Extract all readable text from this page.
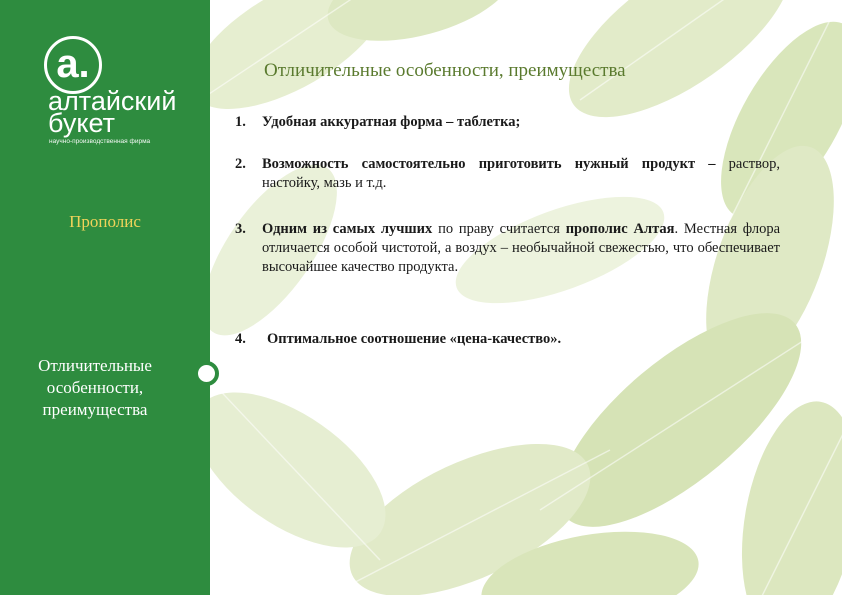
a.
алтайский
букет
научно-производственная фирма
Прополис
Отличительные особенности, преимущества
Отличительные особенности, преимущества
1. Удобная аккуратная форма – таблетка;
2. Возможность самостоятельно приготовить нужный продукт – раствор, настойку, мазь и т.д.
3. Одним из самых лучших по праву считается прополис Алтая. Местная флора отличается особой чистотой, а воздух – необычайной свежестью, что обеспечивает высочайшее качество продукта.
4. Оптимальное соотношение «цена-качество».
